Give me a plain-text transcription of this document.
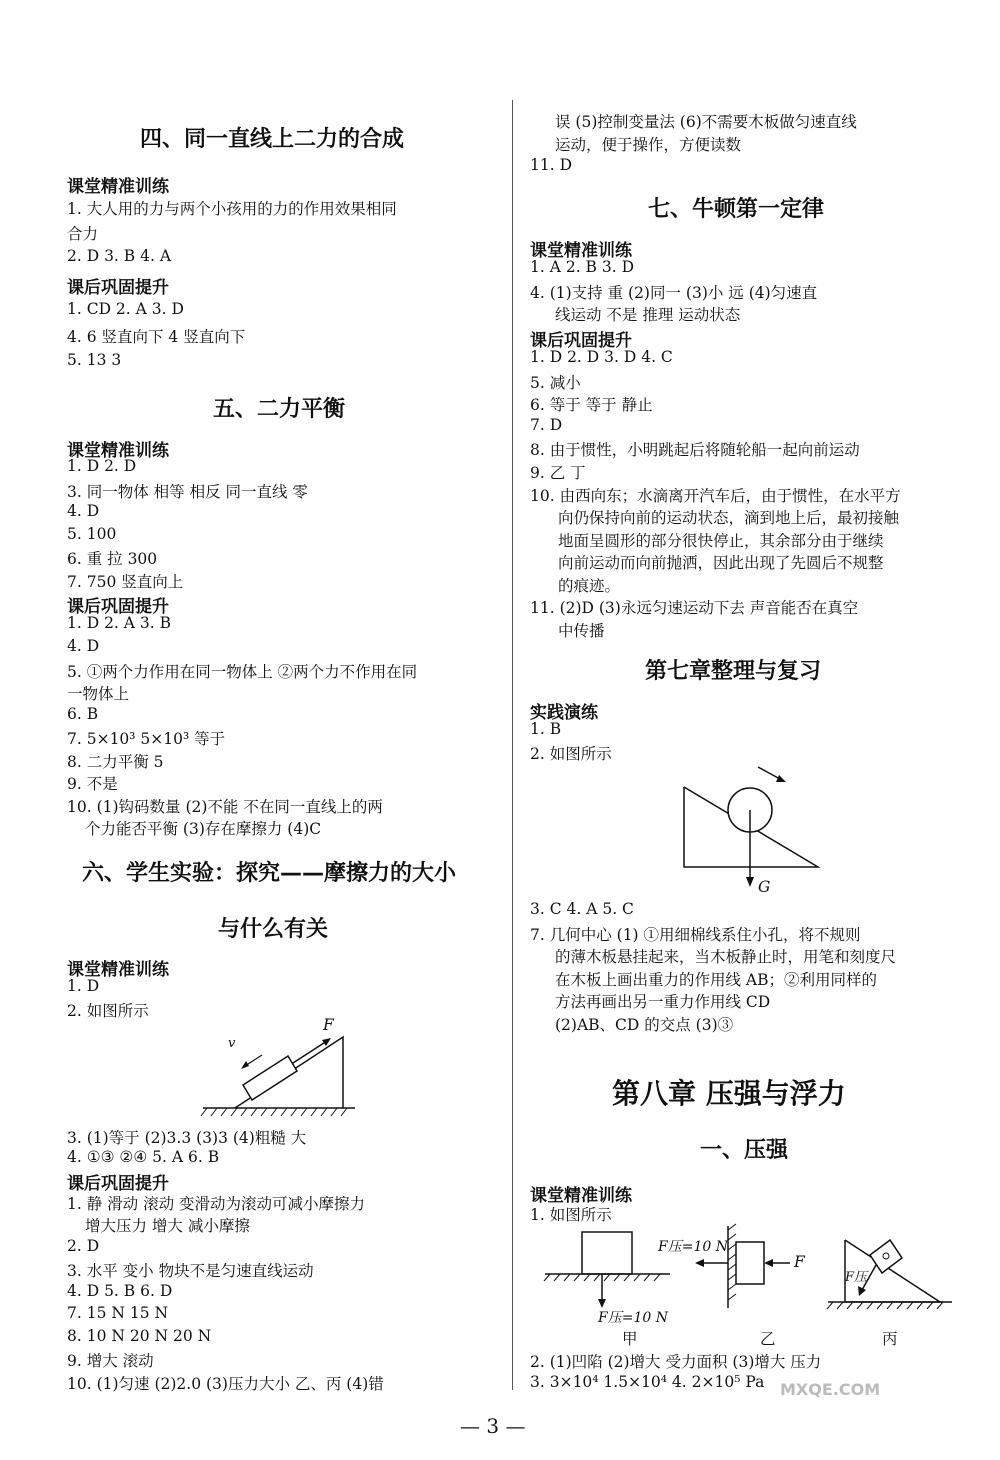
四、同一直线上二力的合成
课堂精准训练
1. 大人用的力与两个小孩用的力的作用效果相同
合力
2. D 3. B 4. A
课后巩固提升
1. CD 2. A 3. D
4. 6 竖直向下 4 竖直向下
5. 13 3
五、二力平衡
课堂精准训练
1. D 2. D
3. 同一物体 相等 相反 同一直线 零
4. D
5. 100
6. 重 拉 300
7. 750 竖直向上
课后巩固提升
1. D 2. A 3. B
4. D
5. ①两个力作用在同一物体上 ②两个力不作用在同
一物体上
6. B
7. 5×10³ 5×10³ 等于
8. 二力平衡 5
9. 不是
10. (1)钩码数量 (2)不能 不在同一直线上的两
个力能否平衡 (3)存在摩擦力 (4)C
六、学生实验：探究——摩擦力的大小
与什么有关
课堂精准训练
1. D
2. 如图所示
v
F
3. (1)等于 (2)3.3 (3)3 (4)粗糙 大
4. ①③ ②④ 5. A 6. B
课后巩固提升
1. 静 滑动 滚动 变滑动为滚动可减小摩擦力
增大压力 增大 减小摩擦
2. D
3. 水平 变小 物块不是匀速直线运动
4. D 5. B 6. D
7. 15 N 15 N
8. 10 N 20 N 20 N
9. 增大 滚动
10. (1)匀速 (2)2.0 (3)压力大小 乙、丙 (4)错
误 (5)控制变量法 (6)不需要木板做匀速直线
运动，便于操作，方便读数
11. D
七、牛顿第一定律
课堂精准训练
1. A 2. B 3. D
4. (1)支持 重 (2)同一 (3)小 远 (4)匀速直
线运动 不是 推理 运动状态
课后巩固提升
1. D 2. D 3. D 4. C
5. 减小
6. 等于 等于 静止
7. D
8. 由于惯性，小明跳起后将随轮船一起向前运动
9. 乙 丁
10. 由西向东；水滴离开汽车后，由于惯性，在水平方
向仍保持向前的运动状态，滴到地上后，最初接触
地面呈圆形的部分很快停止，其余部分由于继续
向前运动而向前抛洒，因此出现了先圆后不规整
的痕迹。
11. (2)D (3)永远匀速运动下去 声音能否在真空
中传播
第七章整理与复习
实践演练
1. B
2. 如图所示
G
3. C 4. A 5. C
7. 几何中心 (1) ①用细棉线系住小孔，将不规则
的薄木板悬挂起来，当木板静止时，用笔和刻度尺
在木板上画出重力的作用线 AB；②利用同样的
方法再画出另一重力作用线 CD
(2)AB、CD 的交点 (3)③
第八章 压强与浮力
一、压强
课堂精准训练
1. 如图所示
F压=10 N
甲
F压=10 N
F
乙
F压
丙
2. (1)凹陷 (2)增大 受力面积 (3)增大 压力
3. 3×10⁴ 1.5×10⁴ 4. 2×10⁵ Pa
— 3 —
MXQE.COM
